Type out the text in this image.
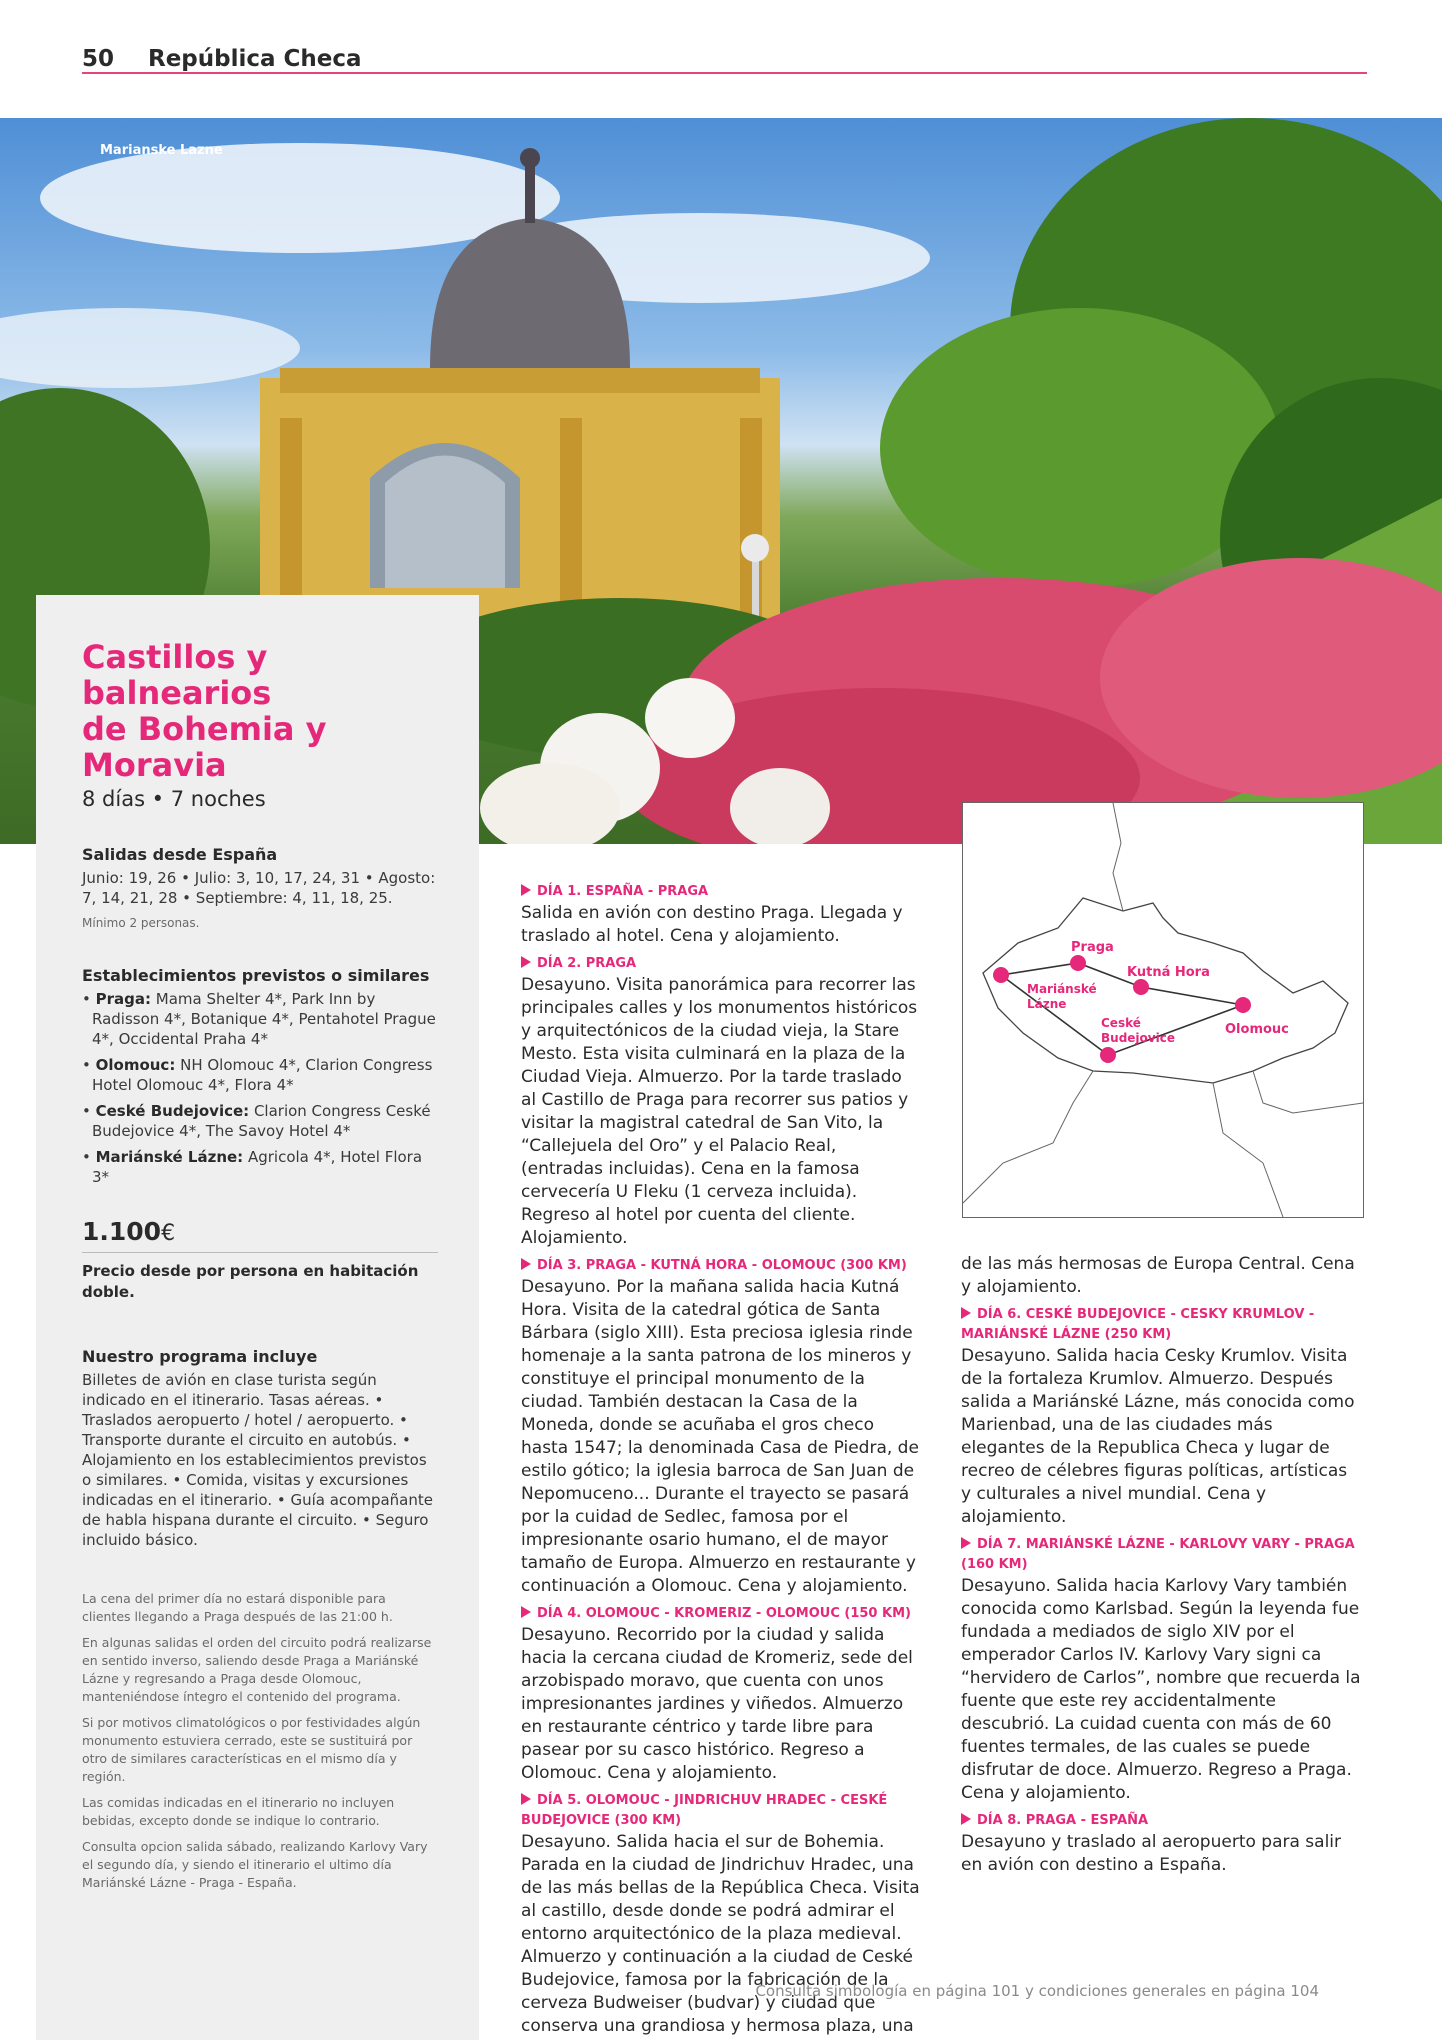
50 República Checa
Marianske Lazne
Castillos y balnearios
de Bohemia y Moravia
8 días • 7 noches
Salidas desde España
Junio: 19, 26 • Julio: 3, 10, 17, 24, 31 • Agosto: 7, 14, 21, 28 • Septiembre: 4, 11, 18, 25.
Mínimo 2 personas.
Establecimientos previstos o similares
• Praga: Mama Shelter 4*, Park Inn by Radisson 4*, Botanique 4*, Pentahotel Prague 4*, Occidental Praha 4*
• Olomouc: NH Olomouc 4*, Clarion Congress Hotel Olomouc 4*, Flora 4*
• Ceské Budejovice: Clarion Congress Ceské Budejovice 4*, The Savoy Hotel 4*
• Mariánské Lázne: Agricola 4*, Hotel Flora 3*
1.100€
Precio desde por persona en habitación doble.
Nuestro programa incluye
Billetes de avión en clase turista según indicado en el itinerario. Tasas aéreas. • Traslados aeropuerto / hotel / aeropuerto. • Transporte durante el circuito en autobús. • Alojamiento en los establecimientos previstos o similares. • Comida, visitas y excursiones indicadas en el itinerario. • Guía acompañante de habla hispana durante el circuito. • Seguro incluido básico.

La cena del primer día no estará disponible para clientes llegando a Praga después de las 21:00 h.

En algunas salidas el orden del circuito podrá realizarse en sentido inverso, saliendo desde Praga a Mariánské Lázne y regresando a Praga desde Olomouc, manteniéndose íntegro el contenido del programa.

Si por motivos climatológicos o por festividades algún monumento estuviera cerrado, este se sustituirá por otro de similares características en el mismo día y región.

Las comidas indicadas en el itinerario no incluyen bebidas, excepto donde se indique lo contrario.

Consulta opcion salida sábado, realizando Karlovy Vary el segundo día, y siendo el itinerario el ultimo día Mariánské Lázne - Praga - España.

DÍA 1. ESPAÑA - PRAGA

Salida en avión con destino Praga. Llegada y traslado al hotel. Cena y alojamiento.

DÍA 2. PRAGA

Desayuno. Visita panorámica para recorrer las principales calles y los monumentos históricos y arquitectónicos de la ciudad vieja, la Stare Mesto. Esta visita culminará en la plaza de la Ciudad Vieja. Almuerzo. Por la tarde traslado al Castillo de Praga para recorrer sus patios y visitar la magistral catedral de San Vito, la “Callejuela del Oro” y el Palacio Real, (entradas incluidas). Cena en la famosa cervecería U Fleku (1 cerveza incluida). Regreso al hotel por cuenta del cliente. Alojamiento.

DÍA 3. PRAGA - KUTNÁ HORA - OLOMOUC (300 KM)

Desayuno. Por la mañana salida hacia Kutná Hora. Visita de la catedral gótica de Santa Bárbara (siglo XIII). Esta preciosa iglesia rinde homenaje a la santa patrona de los mineros y constituye el principal monumento de la ciudad. También destacan la Casa de la Moneda, donde se acuñaba el gros checo hasta 1547; la denominada Casa de Piedra, de estilo gótico; la iglesia barroca de San Juan de Nepomuceno... Durante el trayecto se pasará por la cuidad de Sedlec, famosa por el impresionante osario humano, el de mayor tamaño de Europa. Almuerzo en restaurante y continuación a Olomouc. Cena y alojamiento.

DÍA 4. OLOMOUC - KROMERIZ - OLOMOUC (150 KM)

Desayuno. Recorrido por la ciudad y salida hacia la cercana ciudad de Kromeriz, sede del arzobispado moravo, que cuenta con unos impresionantes jardines y viñedos. Almuerzo en restaurante céntrico y tarde libre para pasear por su casco histórico. Regreso a Olomouc. Cena y alojamiento.

DÍA 5. OLOMOUC - JINDRICHUV HRADEC - CESKÉ BUDEJOVICE (300 KM)

Desayuno. Salida hacia el sur de Bohemia. Parada en la ciudad de Jindrichuv Hradec, una de las más bellas de la República Checa. Visita al castillo, desde donde se podrá admirar el entorno arquitectónico de la plaza medieval. Almuerzo y continuación a la ciudad de Ceské Budejovice, famosa por la fabricación de la cerveza Budweiser (budvar) y ciudad que conserva una grandiosa y hermosa plaza, una

Praga
Kutná Hora
Mariánské
Lázne
Ceské
Budejovice
Olomouc

de las más hermosas de Europa Central. Cena y alojamiento.

DÍA 6. CESKÉ BUDEJOVICE - CESKY KRUMLOV - MARIÁNSKÉ LÁZNE (250 KM)

Desayuno. Salida hacia Cesky Krumlov. Visita de la fortaleza Krumlov. Almuerzo. Después salida a Mariánské Lázne, más conocida como Marienbad, una de las ciudades más elegantes de la Republica Checa y lugar de recreo de célebres figuras políticas, artísticas y culturales a nivel mundial. Cena y alojamiento.

DÍA 7. MARIÁNSKÉ LÁZNE - KARLOVY VARY - PRAGA (160 KM)

Desayuno. Salida hacia Karlovy Vary también conocida como Karlsbad. Según la leyenda fue fundada a mediados de siglo XIV por el emperador Carlos IV. Karlovy Vary signi ca “hervidero de Carlos”, nombre que recuerda la fuente que este rey accidentalmente descubrió. La cuidad cuenta con más de 60 fuentes termales, de las cuales se puede disfrutar de doce. Almuerzo. Regreso a Praga. Cena y alojamiento.

DÍA 8. PRAGA - ESPAÑA

Desayuno y traslado al aeropuerto para salir en avión con destino a España.

Consulta simbología en página 101 y condiciones generales en página 104
